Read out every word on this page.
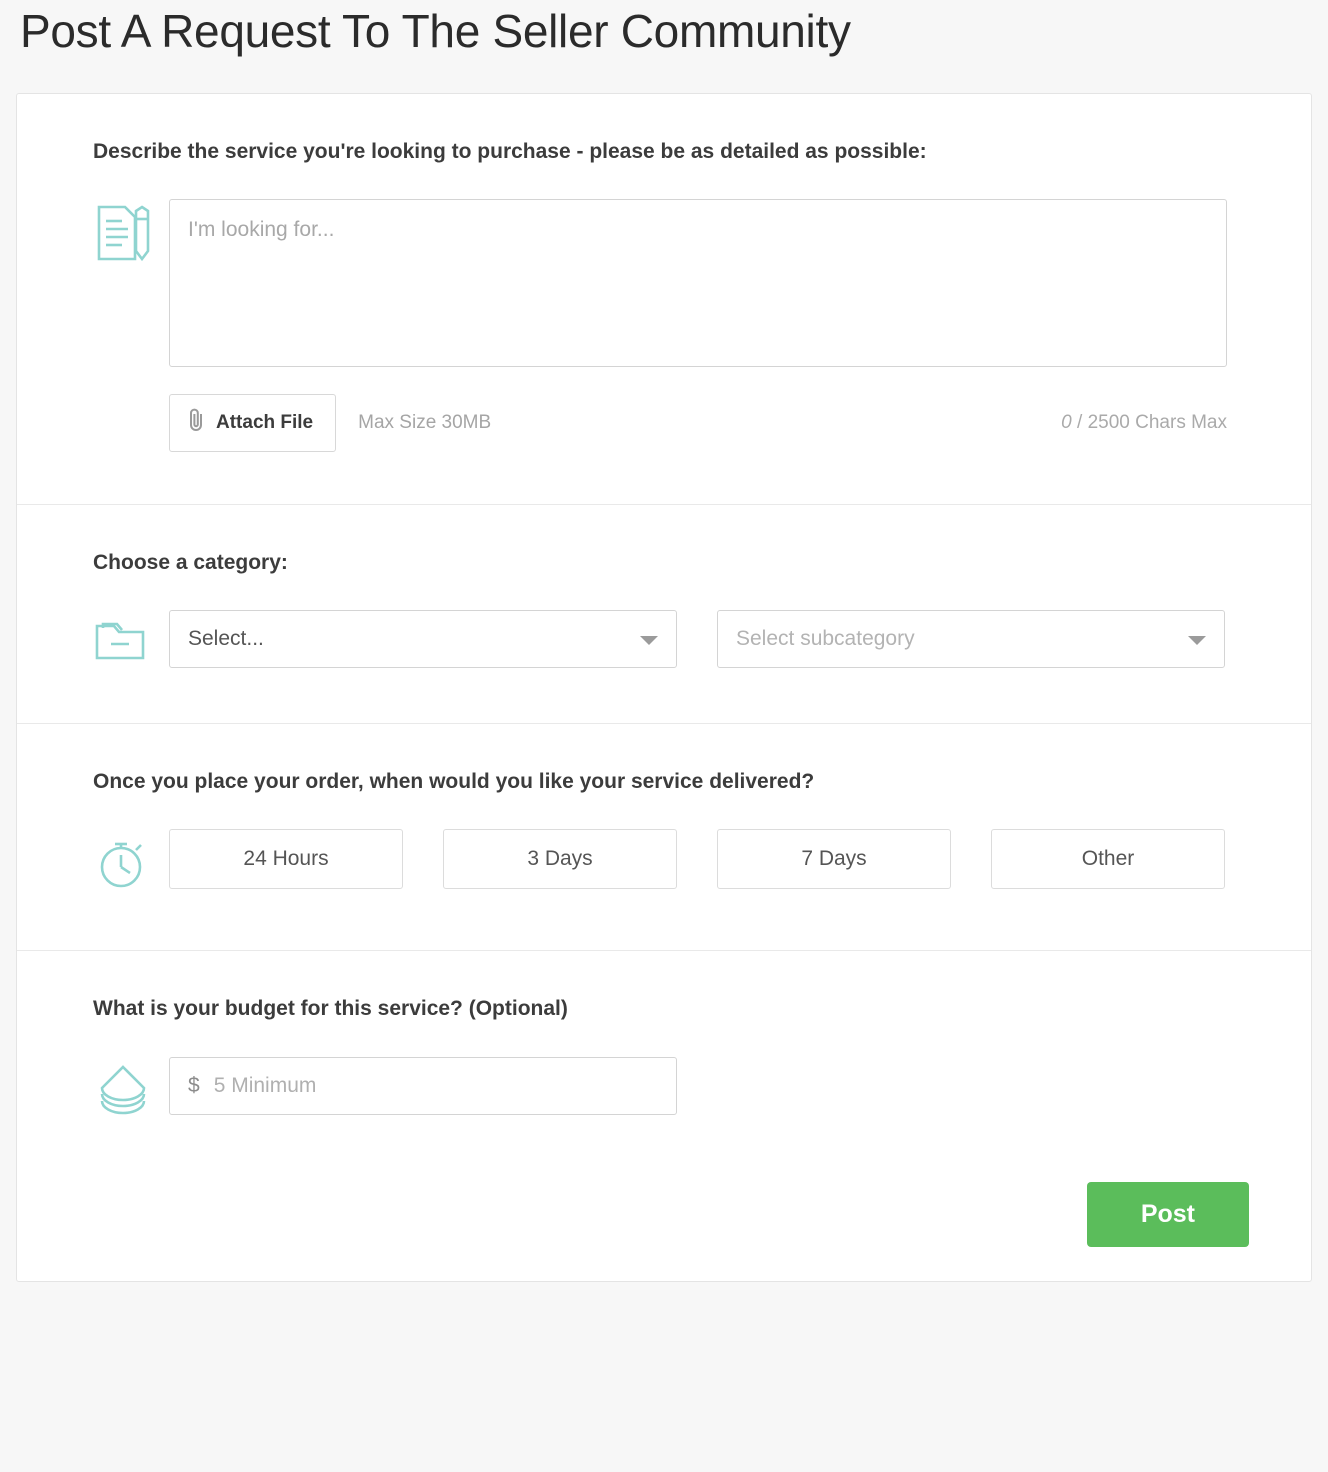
Post A Request To The Seller Community
Describe the service you're looking to purchase - please be as detailed as possible:
I'm looking for...
Attach File Max Size 30MB	0 / 2500 Chars Max
Choose a category:
Select...	Select subcategory
Once you place your order, when would you like your service delivered?
24 Hours	3 Days	7 Days	Other
What is your budget for this service? (Optional)
$ 5 Minimum
Post
